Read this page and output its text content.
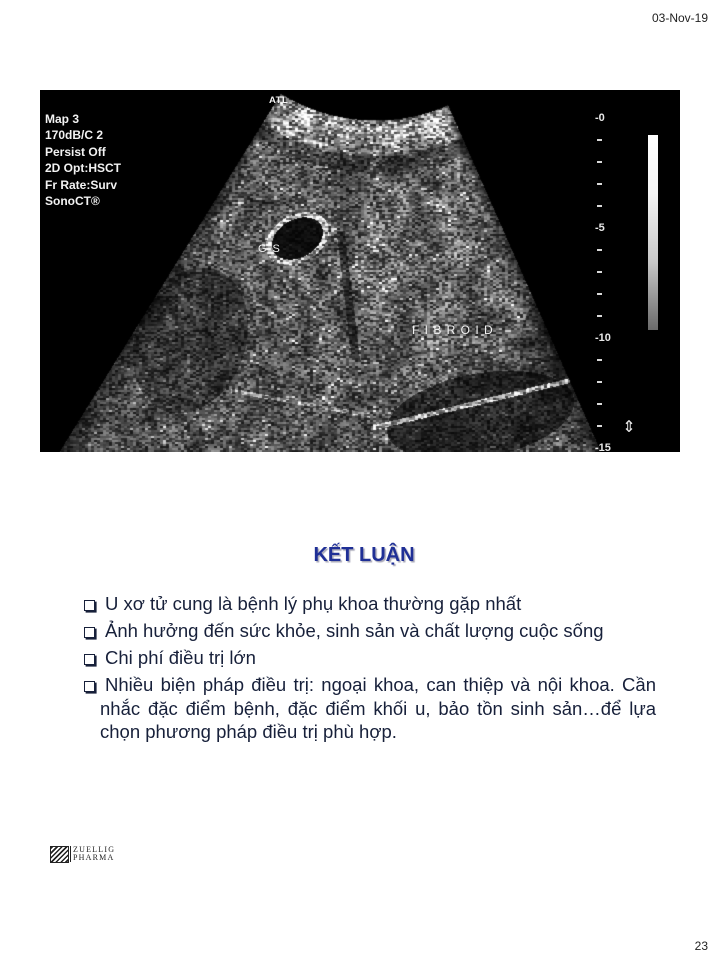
03-Nov-19
ATL
Map 3
170dB/C 2
Persist Off
2D Opt:HSCT
Fr Rate:Surv
SonoCT®
GS
F I B R O I D
-0
-5
-10
-15
⇕
KẾT LUẬN
U xơ tử cung là bệnh lý phụ khoa thường gặp nhất
Ảnh hưởng đến sức khỏe, sinh sản và chất lượng cuộc sống
Chi phí điều trị lớn
Nhiều biện pháp điều trị: ngoại khoa, can thiệp và nội khoa. Cần
nhắc đặc điểm bệnh, đặc điểm khối u, bảo tồn sinh sản…để lựa
chọn phương pháp điều trị phù hợp.
ZUELLIG
PHARMA
23
